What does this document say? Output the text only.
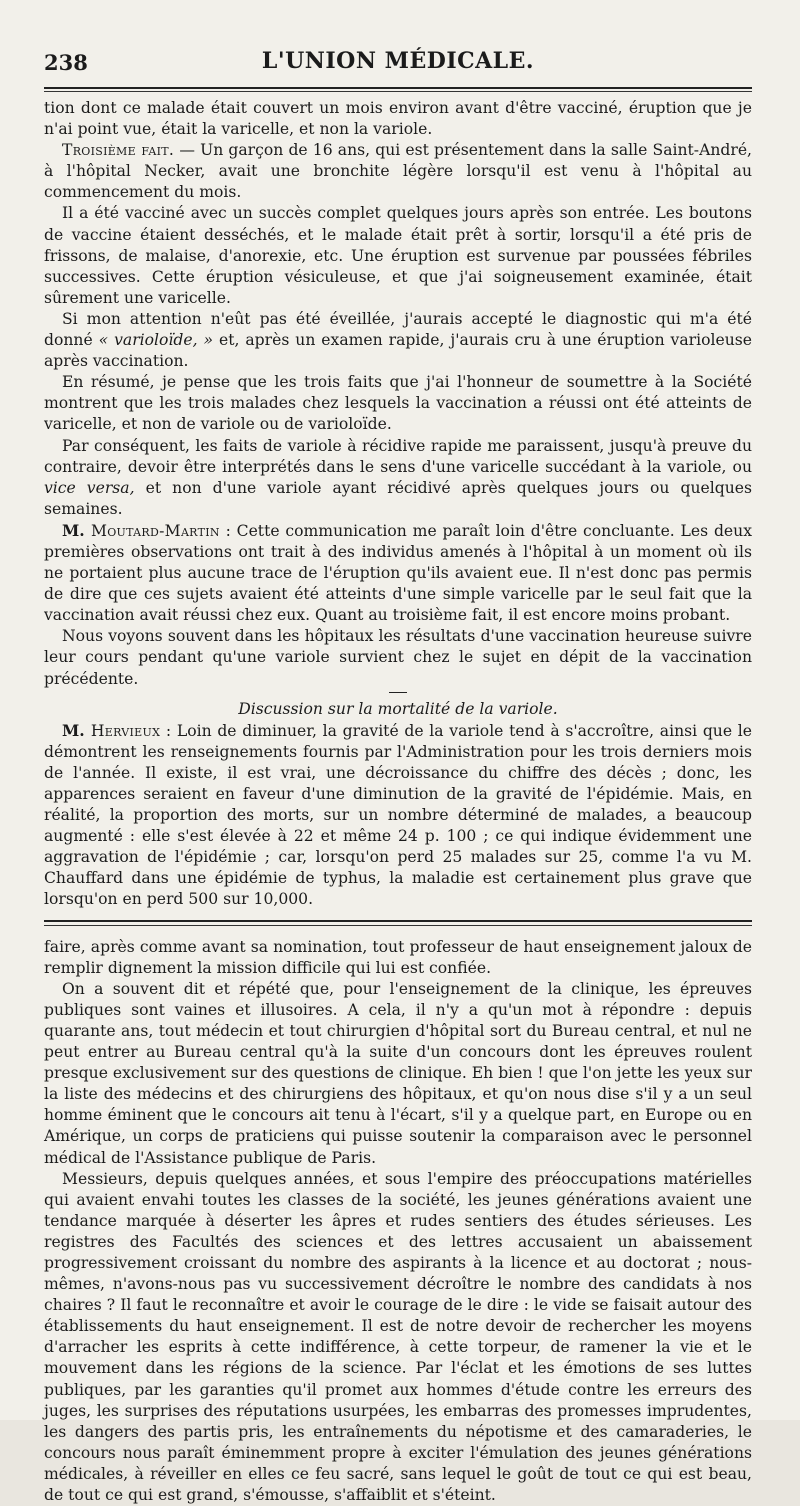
238	L'UNION MÉDICALE.

tion dont ce malade était couvert un mois environ avant d'être vacciné, éruption que je n'ai point vue, était la varicelle, et non la variole.

Troisième fait. — Un garçon de 16 ans, qui est présentement dans la salle Saint-André, à l'hôpital Necker, avait une bronchite légère lorsqu'il est venu à l'hôpital au commencement du mois.

Il a été vacciné avec un succès complet quelques jours après son entrée. Les boutons de vaccine étaient desséchés, et le malade était prêt à sortir, lorsqu'il a été pris de frissons, de malaise, d'anorexie, etc. Une éruption est survenue par poussées fébriles successives. Cette éruption vésiculeuse, et que j'ai soigneusement examinée, était sûrement une varicelle.

Si mon attention n'eût pas été éveillée, j'aurais accepté le diagnostic qui m'a été donné « varioloïde, » et, après un examen rapide, j'aurais cru à une éruption varioleuse après vaccination.

En résumé, je pense que les trois faits que j'ai l'honneur de soumettre à la Société montrent que les trois malades chez lesquels la vaccination a réussi ont été atteints de varicelle, et non de variole ou de varioloïde.

Par conséquent, les faits de variole à récidive rapide me paraissent, jusqu'à preuve du contraire, devoir être interprétés dans le sens d'une varicelle succédant à la variole, ou vice versa, et non d'une variole ayant récidivé après quelques jours ou quelques semaines.

M. Moutard-Martin : Cette communication me paraît loin d'être concluante. Les deux premières observations ont trait à des individus amenés à l'hôpital à un moment où ils ne portaient plus aucune trace de l'éruption qu'ils avaient eue. Il n'est donc pas permis de dire que ces sujets avaient été atteints d'une simple varicelle par le seul fait que la vaccination avait réussi chez eux. Quant au troisième fait, il est encore moins probant.

Nous voyons souvent dans les hôpitaux les résultats d'une vaccination heureuse suivre leur cours pendant qu'une variole survient chez le sujet en dépit de la vaccination précédente.

Discussion sur la mortalité de la variole.

M. Hervieux : Loin de diminuer, la gravité de la variole tend à s'accroître, ainsi que le démontrent les renseignements fournis par l'Administration pour les trois derniers mois de l'année. Il existe, il est vrai, une décroissance du chiffre des décès ; donc, les apparences seraient en faveur d'une diminution de la gravité de l'épidémie. Mais, en réalité, la proportion des morts, sur un nombre déterminé de malades, a beaucoup augmenté : elle s'est élevée à 22 et même 24 p. 100 ; ce qui indique évidemment une aggravation de l'épidémie ; car, lorsqu'on perd 25 malades sur 25, comme l'a vu M. Chauffard dans une épidémie de typhus, la maladie est certainement plus grave que lorsqu'on en perd 500 sur 10,000.

faire, après comme avant sa nomination, tout professeur de haut enseignement jaloux de remplir dignement la mission difficile qui lui est confiée.

On a souvent dit et répété que, pour l'enseignement de la clinique, les épreuves publiques sont vaines et illusoires. A cela, il n'y a qu'un mot à répondre : depuis quarante ans, tout médecin et tout chirurgien d'hôpital sort du Bureau central, et nul ne peut entrer au Bureau central qu'à la suite d'un concours dont les épreuves roulent presque exclusivement sur des questions de clinique. Eh bien ! que l'on jette les yeux sur la liste des médecins et des chirurgiens des hôpitaux, et qu'on nous dise s'il y a un seul homme éminent que le concours ait tenu à l'écart, s'il y a quelque part, en Europe ou en Amérique, un corps de praticiens qui puisse soutenir la comparaison avec le personnel médical de l'Assistance publique de Paris.

Messieurs, depuis quelques années, et sous l'empire des préoccupations matérielles qui avaient envahi toutes les classes de la société, les jeunes générations avaient une tendance marquée à déserter les âpres et rudes sentiers des études sérieuses. Les registres des Facultés des sciences et des lettres accusaient un abaissement progressivement croissant du nombre des aspirants à la licence et au doctorat ; nous-mêmes, n'avons-nous pas vu successivement décroître le nombre des candidats à nos chaires ? Il faut le reconnaître et avoir le courage de le dire : le vide se faisait autour des établissements du haut enseignement. Il est de notre devoir de rechercher les moyens d'arracher les esprits à cette indifférence, à cette torpeur, de ramener la vie et le mouvement dans les régions de la science. Par l'éclat et les émotions de ses luttes publiques, par les garanties qu'il promet aux hommes d'étude contre les erreurs des juges, les surprises des réputations usurpées, les embarras des promesses imprudentes, les dangers des partis pris, les entraînements du népotisme et des camaraderies, le concours nous paraît éminemment propre à exciter l'émulation des jeunes générations médicales, à réveiller en elles ce feu sacré, sans lequel le goût de tout ce qui est beau, de tout ce qui est grand, s'émousse, s'affaiblit et s'éteint.
